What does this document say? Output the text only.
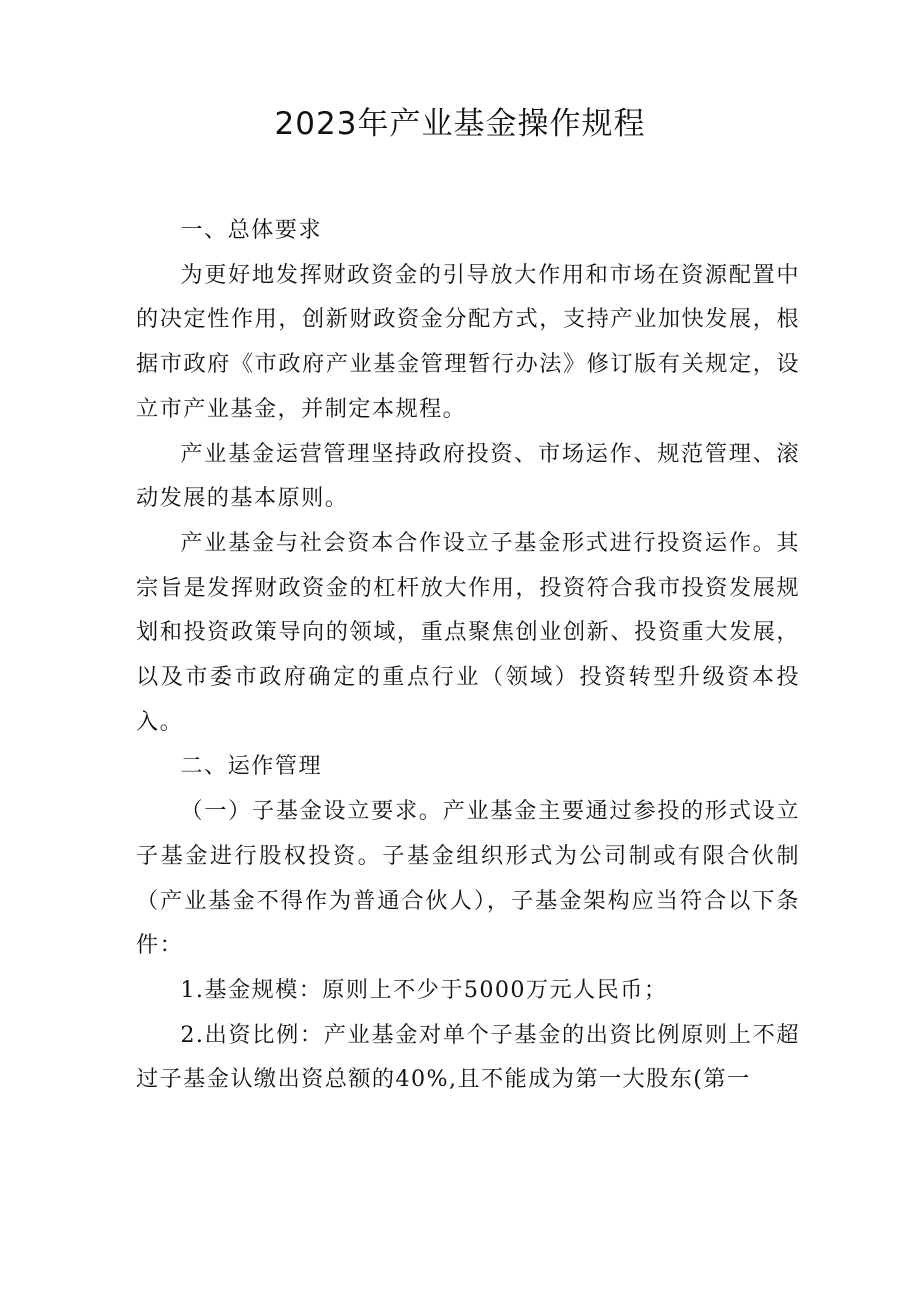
2023年产业基金操作规程

一、总体要求

为更好地发挥财政资金的引导放大作用和市场在资源配置中的决定性作用，创新财政资金分配方式，支持产业加快发展，根据市政府《市政府产业基金管理暂行办法》修订版有关规定，设立市产业基金，并制定本规程。

产业基金运营管理坚持政府投资、市场运作、规范管理、滚动发展的基本原则。

产业基金与社会资本合作设立子基金形式进行投资运作。其宗旨是发挥财政资金的杠杆放大作用，投资符合我市投资发展规划和投资政策导向的领域，重点聚焦创业创新、投资重大发展，以及市委市政府确定的重点行业（领域）投资转型升级资本投入。

二、运作管理

（一）子基金设立要求。产业基金主要通过参投的形式设立子基金进行股权投资。子基金组织形式为公司制或有限合伙制（产业基金不得作为普通合伙人），子基金架构应当符合以下条件：

1.基金规模：原则上不少于5000万元人民币；

2.出资比例：产业基金对单个子基金的出资比例原则上不超过子基金认缴出资总额的40%,且不能成为第一大股东(第一
